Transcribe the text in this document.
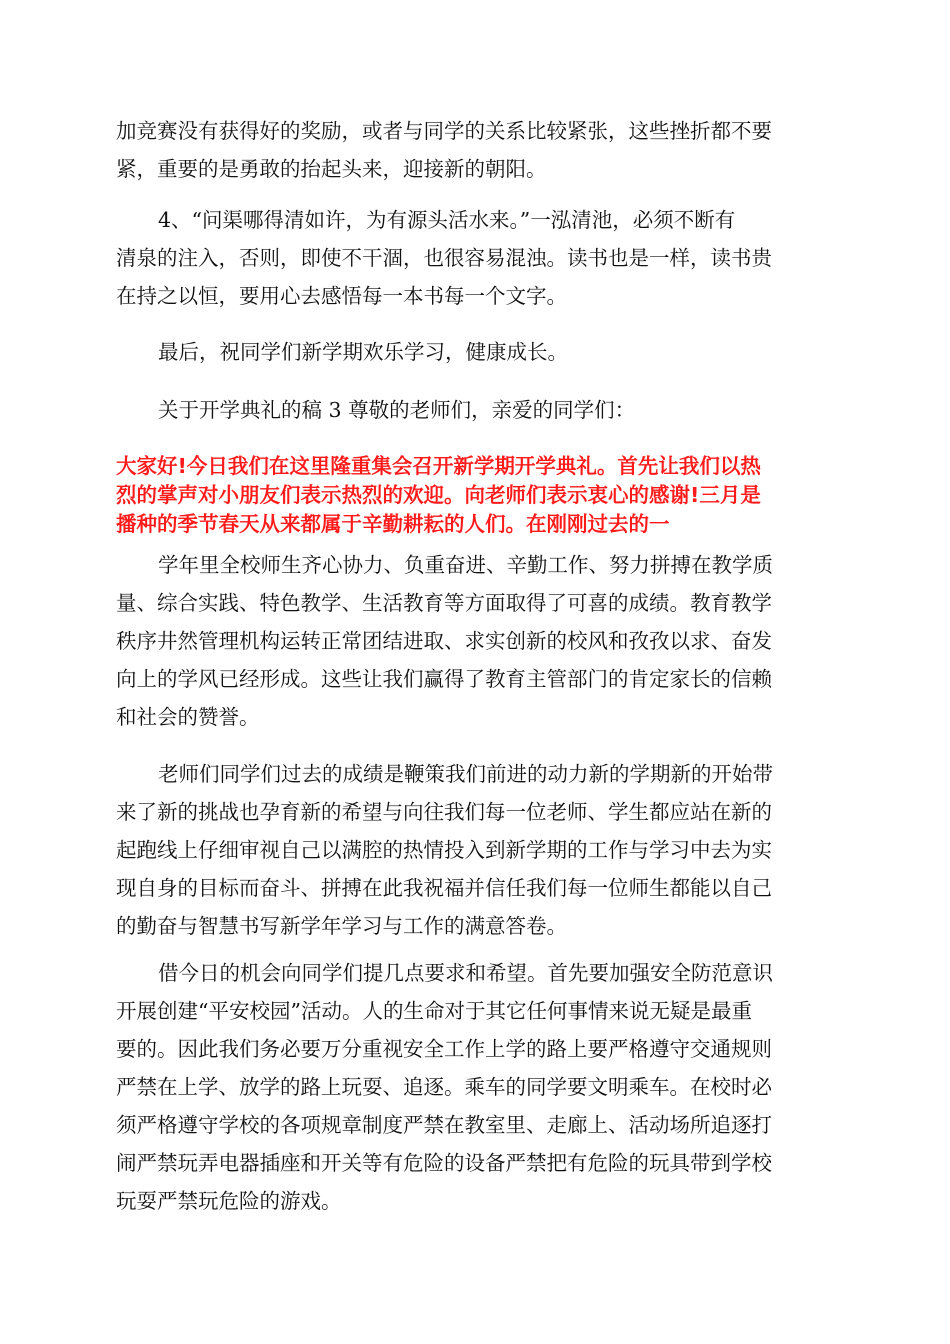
加竞赛没有获得好的奖励，或者与同学的关系比较紧张，这些挫折都不要
紧，重要的是勇敢的抬起头来，迎接新的朝阳。
4、“问渠哪得清如许，为有源头活水来。”一泓清池，必须不断有
清泉的注入，否则，即使不干涸，也很容易混浊。读书也是一样，读书贵
在持之以恒，要用心去感悟每一本书每一个文字。
最后，祝同学们新学期欢乐学习，健康成长。
关于开学典礼的稿 3 尊敬的老师们，亲爱的同学们：
大家好!今日我们在这里隆重集会召开新学期开学典礼。首先让我们以热
烈的掌声对小朋友们表示热烈的欢迎。向老师们表示衷心的感谢!三月是
播种的季节春天从来都属于辛勤耕耘的人们。在刚刚过去的一
学年里全校师生齐心协力、负重奋进、辛勤工作、努力拼搏在教学质
量、综合实践、特色教学、生活教育等方面取得了可喜的成绩。教育教学
秩序井然管理机构运转正常团结进取、求实创新的校风和孜孜以求、奋发
向上的学风已经形成。这些让我们赢得了教育主管部门的肯定家长的信赖
和社会的赞誉。
老师们同学们过去的成绩是鞭策我们前进的动力新的学期新的开始带
来了新的挑战也孕育新的希望与向往我们每一位老师、学生都应站在新的
起跑线上仔细审视自己以满腔的热情投入到新学期的工作与学习中去为实
现自身的目标而奋斗、拼搏在此我祝福并信任我们每一位师生都能以自己
的勤奋与智慧书写新学年学习与工作的满意答卷。
借今日的机会向同学们提几点要求和希望。首先要加强安全防范意识
开展创建“平安校园”活动。人的生命对于其它任何事情来说无疑是最重
要的。因此我们务必要万分重视安全工作上学的路上要严格遵守交通规则
严禁在上学、放学的路上玩耍、追逐。乘车的同学要文明乘车。在校时必
须严格遵守学校的各项规章制度严禁在教室里、走廊上、活动场所追逐打
闹严禁玩弄电器插座和开关等有危险的设备严禁把有危险的玩具带到学校
玩耍严禁玩危险的游戏。
